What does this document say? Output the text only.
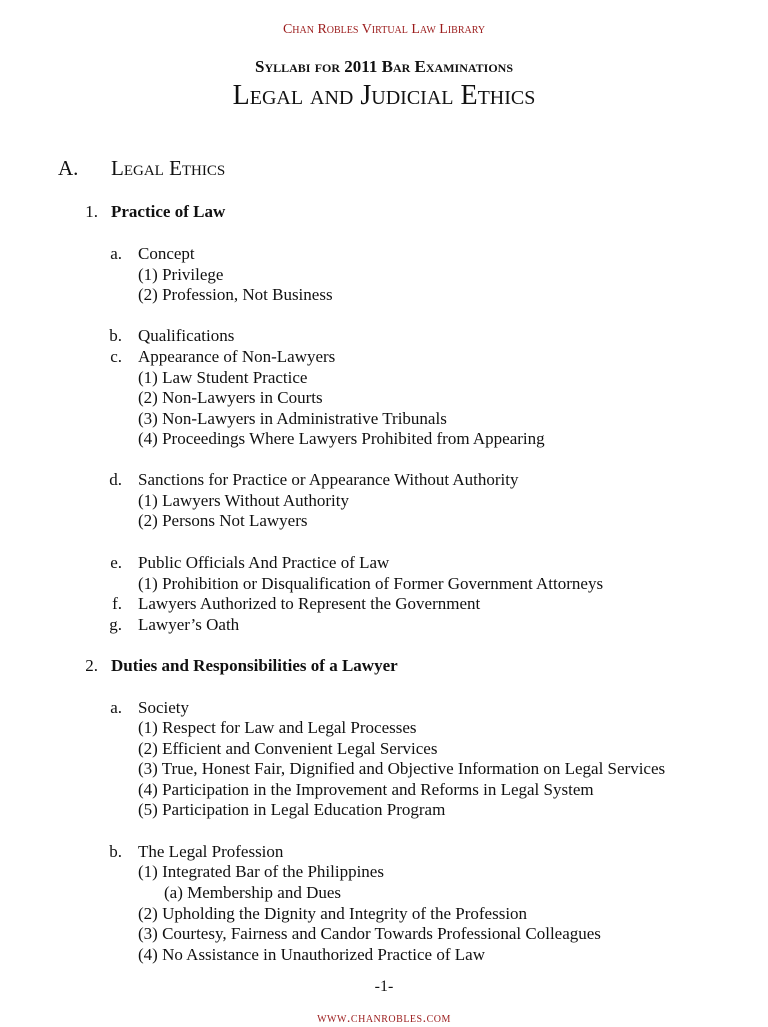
Chan Robles Virtual Law Library
Syllabi for 2011 Bar Examinations
Legal and Judicial Ethics
A. Legal Ethics
1. Practice of Law
a. Concept
(1) Privilege
(2) Profession, Not Business
b. Qualifications
c. Appearance of Non-Lawyers
(1) Law Student Practice
(2) Non-Lawyers in Courts
(3) Non-Lawyers in Administrative Tribunals
(4) Proceedings Where Lawyers Prohibited from Appearing
d. Sanctions for Practice or Appearance Without Authority
(1) Lawyers Without Authority
(2) Persons Not Lawyers
e. Public Officials And Practice of Law
(1) Prohibition or Disqualification of Former Government Attorneys
f. Lawyers Authorized to Represent the Government
g. Lawyer’s Oath
2. Duties and Responsibilities of a Lawyer
a. Society
(1) Respect for Law and Legal Processes
(2) Efficient and Convenient Legal Services
(3) True, Honest Fair, Dignified and Objective Information on Legal Services
(4) Participation in the Improvement and Reforms in Legal System
(5) Participation in Legal Education Program
b. The Legal Profession
(1) Integrated Bar of the Philippines
(a) Membership and Dues
(2) Upholding the Dignity and Integrity of the Profession
(3) Courtesy, Fairness and Candor Towards Professional Colleagues
(4) No Assistance in Unauthorized Practice of Law
-1-
www.chanrobles.com
